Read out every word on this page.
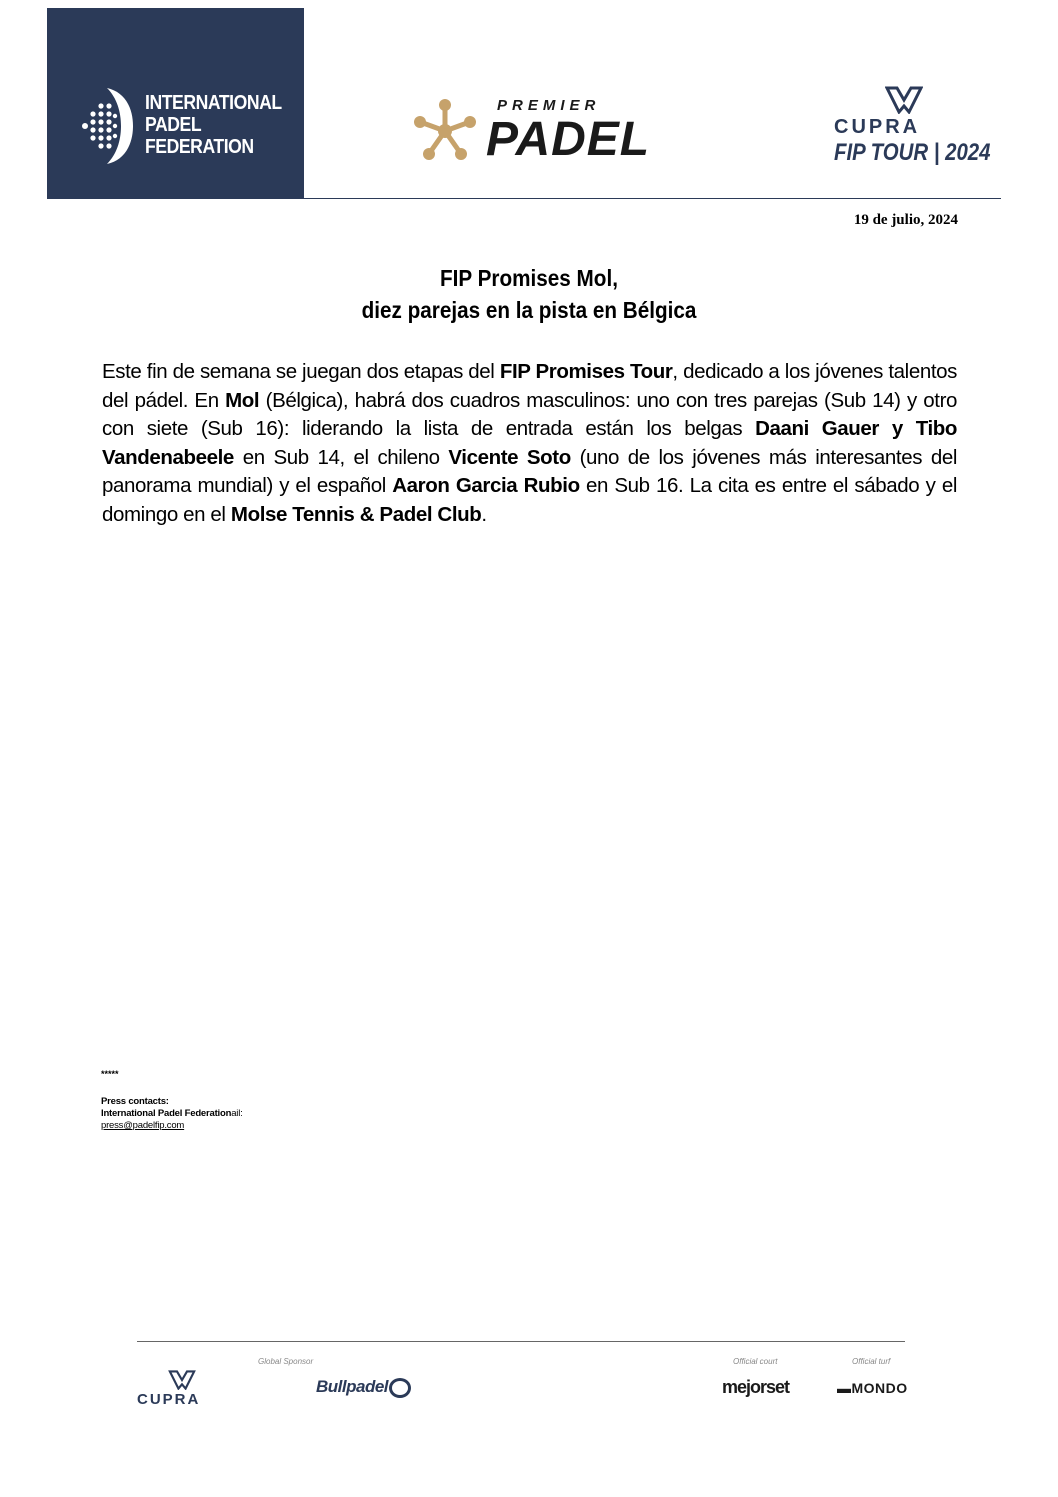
INTERNATIONAL
PADEL
FEDERATION
PREMIER
PADEL	CUPRA
FIP TOUR | 2024
19 de julio, 2024
FIP Promises Mol,
diez parejas en la pista en Bélgica
Este fin de semana se juegan dos etapas del FIP Promises Tour, dedicado a los jóvenes talentos del pádel. En Mol (Bélgica), habrá dos cuadros masculinos: uno con tres parejas (Sub 14) y otro con siete (Sub 16): liderando la lista de entrada están los belgas Daani Gauer y Tibo Vandenabeele en Sub 14, el chileno Vicente Soto (uno de los jóvenes más interesantes del panorama mundial) y el español Aaron Garcia Rubio en Sub 16. La cita es entre el sábado y el domingo en el Molse Tennis & Padel Club.
*****
Press contacts:
International Padel Federationail:
press@padelfip.com
Global Sponsor	Official court	Official turf
CUPRA
Bullpadel	mejorset	▬MONDO
